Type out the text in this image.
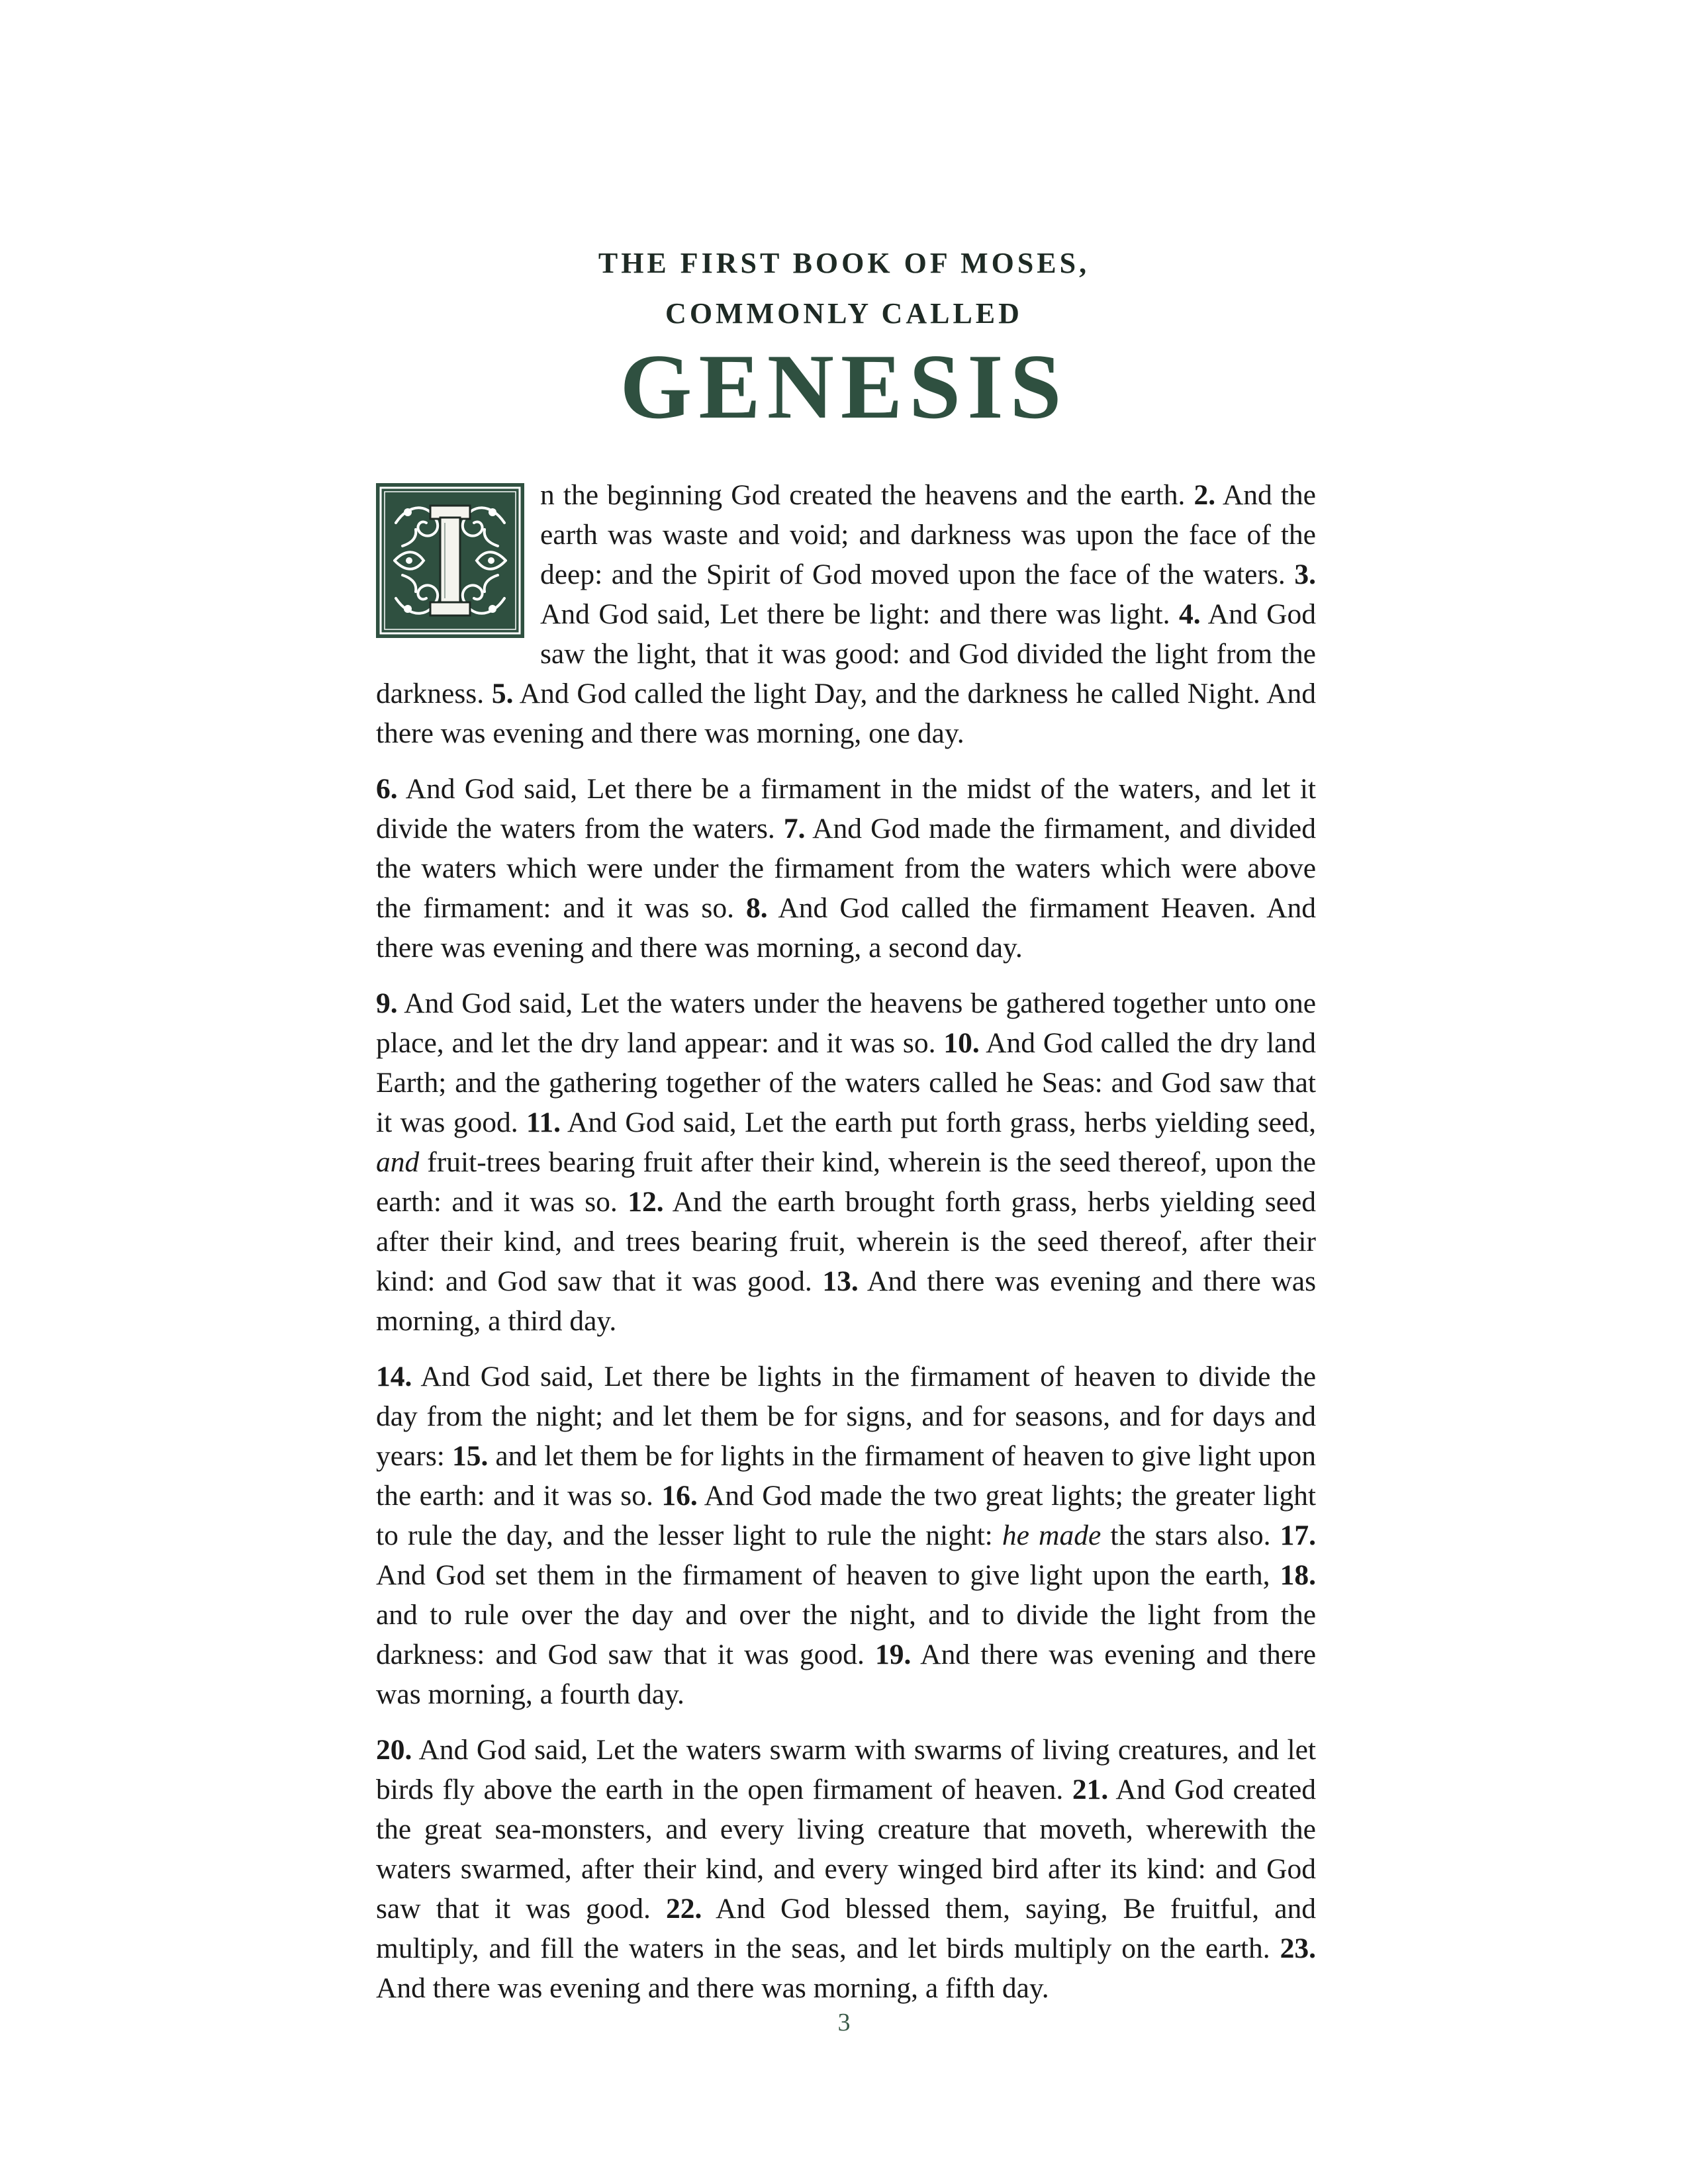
THE FIRST BOOK OF MOSES,
COMMONLY CALLED
GENESIS
n the beginning God created the heavens and the earth. 2. And the earth was waste and void; and darkness was upon the face of the deep: and the Spirit of God moved upon the face of the waters. 3. And God said, Let there be light: and there was light. 4. And God saw the light, that it was good: and God divided the light from the darkness. 5. And God called the light Day, and the darkness he called Night. And there was evening and there was morning, one day.
6. And God said, Let there be a firmament in the midst of the waters, and let it divide the waters from the waters. 7. And God made the firmament, and divided the waters which were under the firmament from the waters which were above the firmament: and it was so. 8. And God called the firmament Heaven. And there was evening and there was morning, a second day.
9. And God said, Let the waters under the heavens be gathered together unto one place, and let the dry land appear: and it was so. 10. And God called the dry land Earth; and the gathering together of the waters called he Seas: and God saw that it was good. 11. And God said, Let the earth put forth grass, herbs yielding seed, and fruit-trees bearing fruit after their kind, wherein is the seed thereof, upon the earth: and it was so. 12. And the earth brought forth grass, herbs yielding seed after their kind, and trees bearing fruit, wherein is the seed thereof, after their kind: and God saw that it was good. 13. And there was evening and there was morning, a third day.
14. And God said, Let there be lights in the firmament of heaven to divide the day from the night; and let them be for signs, and for seasons, and for days and years: 15. and let them be for lights in the firmament of heaven to give light upon the earth: and it was so. 16. And God made the two great lights; the greater light to rule the day, and the lesser light to rule the night: he made the stars also. 17. And God set them in the firmament of heaven to give light upon the earth, 18. and to rule over the day and over the night, and to divide the light from the darkness: and God saw that it was good. 19. And there was evening and there was morning, a fourth day.
20. And God said, Let the waters swarm with swarms of living creatures, and let birds fly above the earth in the open firmament of heaven. 21. And God created the great sea-monsters, and every living creature that moveth, wherewith the waters swarmed, after their kind, and every winged bird after its kind: and God saw that it was good. 22. And God blessed them, saying, Be fruitful, and multiply, and fill the waters in the seas, and let birds multiply on the earth. 23. And there was evening and there was morning, a fifth day.
3
